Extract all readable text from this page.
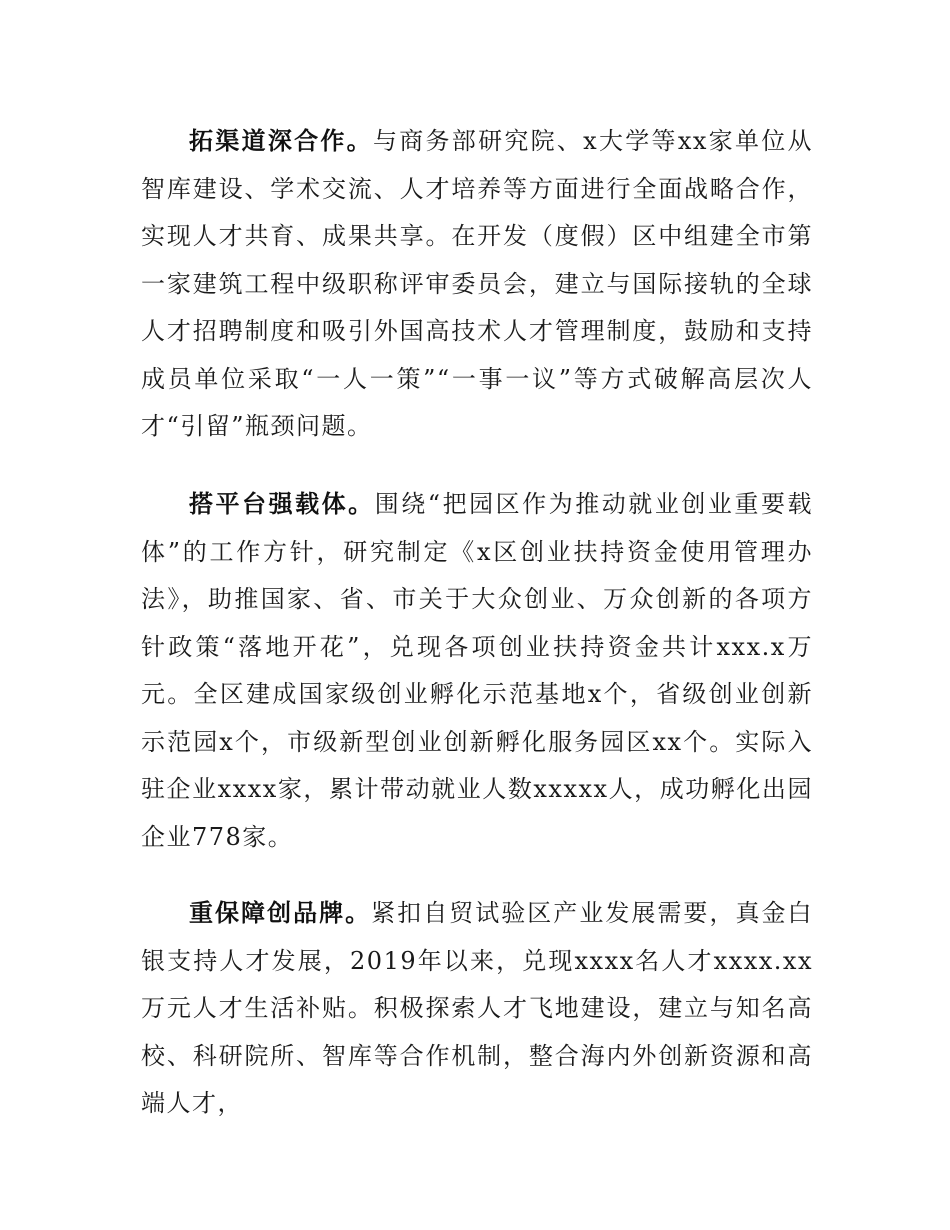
拓渠道深合作。与商务部研究院、x大学等xx家单位从智库建设、学术交流、人才培养等方面进行全面战略合作，实现人才共育、成果共享。在开发（度假）区中组建全市第一家建筑工程中级职称评审委员会，建立与国际接轨的全球人才招聘制度和吸引外国高技术人才管理制度，鼓励和支持成员单位采取“一人一策”“一事一议”等方式破解高层次人才“引留”瓶颈问题。

搭平台强载体。围绕“把园区作为推动就业创业重要载体”的工作方针，研究制定《x区创业扶持资金使用管理办法》，助推国家、省、市关于大众创业、万众创新的各项方针政策“落地开花”，兑现各项创业扶持资金共计xxx.x万元。全区建成国家级创业孵化示范基地x个，省级创业创新示范园x个，市级新型创业创新孵化服务园区xx个。实际入驻企业xxxx家，累计带动就业人数xxxxx人，成功孵化出园企业778家。

重保障创品牌。紧扣自贸试验区产业发展需要，真金白银支持人才发展，2019年以来，兑现xxxx名人才xxxx.xx万元人才生活补贴。积极探索人才飞地建设，建立与知名高校、科研院所、智库等合作机制，整合海内外创新资源和高端人才，
